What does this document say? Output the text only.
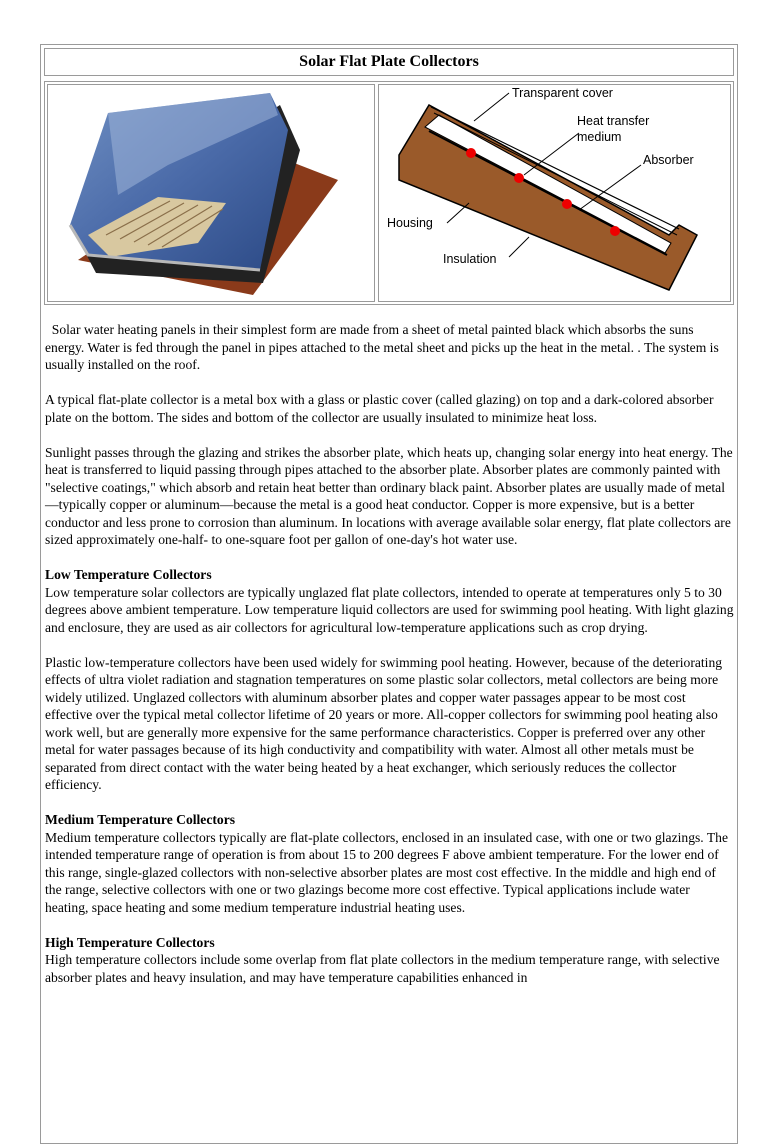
Solar Flat Plate Collectors
Transparent cover
Heat transfer
medium
Absorber
Housing
Insulation

Solar water heating panels in their simplest form are made from a sheet of metal painted black which absorbs the suns energy. Water is fed through the panel in pipes attached to the metal sheet and picks up the heat in the metal. . The system is usually installed on the roof.

A typical flat-plate collector is a metal box with a glass or plastic cover (called glazing) on top and a dark-colored absorber plate on the bottom. The sides and bottom of the collector are usually insulated to minimize heat loss.

Sunlight passes through the glazing and strikes the absorber plate, which heats up, changing solar energy into heat energy. The heat is transferred to liquid passing through pipes attached to the absorber plate. Absorber plates are commonly painted with "selective coatings," which absorb and retain heat better than ordinary black paint. Absorber plates are usually made of metal—typically copper or aluminum—because the metal is a good heat conductor. Copper is more expensive, but is a better conductor and less prone to corrosion than aluminum. In locations with average available solar energy, flat plate collectors are sized approximately one-half- to one-square foot per gallon of one-day's hot water use.

Low Temperature Collectors
Low temperature solar collectors are typically unglazed flat plate collectors, intended to operate at temperatures only 5 to 30 degrees above ambient temperature. Low temperature liquid collectors are used for swimming pool heating. With light glazing and enclosure, they are used as air collectors for agricultural low-temperature applications such as crop drying.

Plastic low-temperature collectors have been used widely for swimming pool heating. However, because of the deteriorating effects of ultra violet radiation and stagnation temperatures on some plastic solar collectors, metal collectors are being more widely utilized. Unglazed collectors with aluminum absorber plates and copper water passages appear to be most cost effective over the typical metal collector lifetime of 20 years or more. All-copper collectors for swimming pool heating also work well, but are generally more expensive for the same performance characteristics. Copper is preferred over any other metal for water passages because of its high conductivity and compatibility with water. Almost all other metals must be separated from direct contact with the water being heated by a heat exchanger, which seriously reduces the collector efficiency.

Medium Temperature Collectors
Medium temperature collectors typically are flat-plate collectors, enclosed in an insulated case, with one or two glazings. The intended temperature range of operation is from about 15 to 200 degrees F above ambient temperature. For the lower end of this range, single-glazed collectors with non-selective absorber plates are most cost effective. In the middle and high end of the range, selective collectors with one or two glazings become more cost effective. Typical applications include water heating, space heating and some medium temperature industrial heating uses.

High Temperature Collectors
High temperature collectors include some overlap from flat plate collectors in the medium temperature range, with selective absorber plates and heavy insulation, and may have temperature capabilities enhanced in
